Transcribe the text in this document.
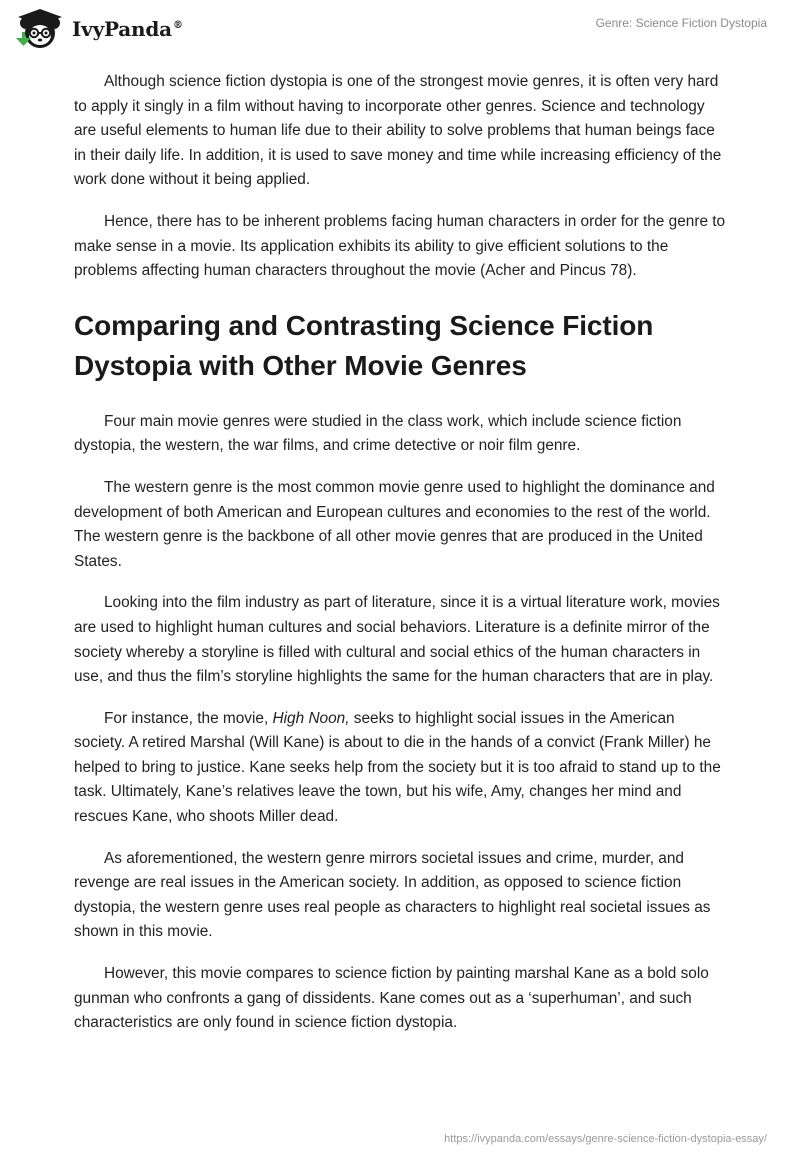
IvyPanda®	Genre: Science Fiction Dystopia

Although science fiction dystopia is one of the strongest movie genres, it is often very hard to apply it singly in a film without having to incorporate other genres. Science and technology are useful elements to human life due to their ability to solve problems that human beings face in their daily life. In addition, it is used to save money and time while increasing efficiency of the work done without it being applied.

Hence, there has to be inherent problems facing human characters in order for the genre to make sense in a movie. Its application exhibits its ability to give efficient solutions to the problems affecting human characters throughout the movie (Acher and Pincus 78).

Comparing and Contrasting Science Fiction Dystopia with Other Movie Genres

Four main movie genres were studied in the class work, which include science fiction dystopia, the western, the war films, and crime detective or noir film genre.

The western genre is the most common movie genre used to highlight the dominance and development of both American and European cultures and economies to the rest of the world. The western genre is the backbone of all other movie genres that are produced in the United States.

Looking into the film industry as part of literature, since it is a virtual literature work, movies are used to highlight human cultures and social behaviors. Literature is a definite mirror of the society whereby a storyline is filled with cultural and social ethics of the human characters in use, and thus the film’s storyline highlights the same for the human characters that are in play.

For instance, the movie, High Noon, seeks to highlight social issues in the American society. A retired Marshal (Will Kane) is about to die in the hands of a convict (Frank Miller) he helped to bring to justice. Kane seeks help from the society but it is too afraid to stand up to the task. Ultimately, Kane’s relatives leave the town, but his wife, Amy, changes her mind and rescues Kane, who shoots Miller dead.

As aforementioned, the western genre mirrors societal issues and crime, murder, and revenge are real issues in the American society. In addition, as opposed to science fiction dystopia, the western genre uses real people as characters to highlight real societal issues as shown in this movie.

However, this movie compares to science fiction by painting marshal Kane as a bold solo gunman who confronts a gang of dissidents. Kane comes out as a ‘superhuman’, and such characteristics are only found in science fiction dystopia.

https://ivypanda.com/essays/genre-science-fiction-dystopia-essay/
